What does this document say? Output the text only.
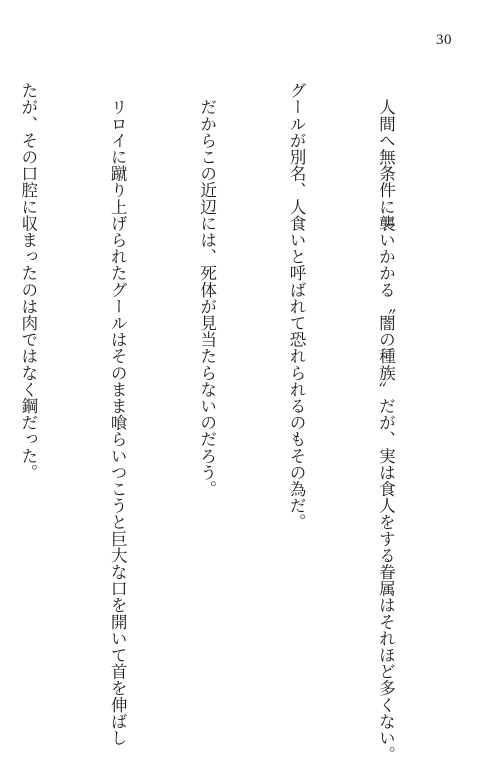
30

　人間へ無条件に襲いかかる〝闇の種族〟だが、実は食人をする眷属はそれほど多くない。

グールが別名、人食いと呼ばれて恐れられるのもその為だ。

　だからこの近辺には、死体が見当たらないのだろう。

　リロイに蹴り上げられたグールはそのまま喰らいつこうと巨大な口を開いて首を伸ばし

たが、その口腔に収まったのは肉ではなく鋼だった。
